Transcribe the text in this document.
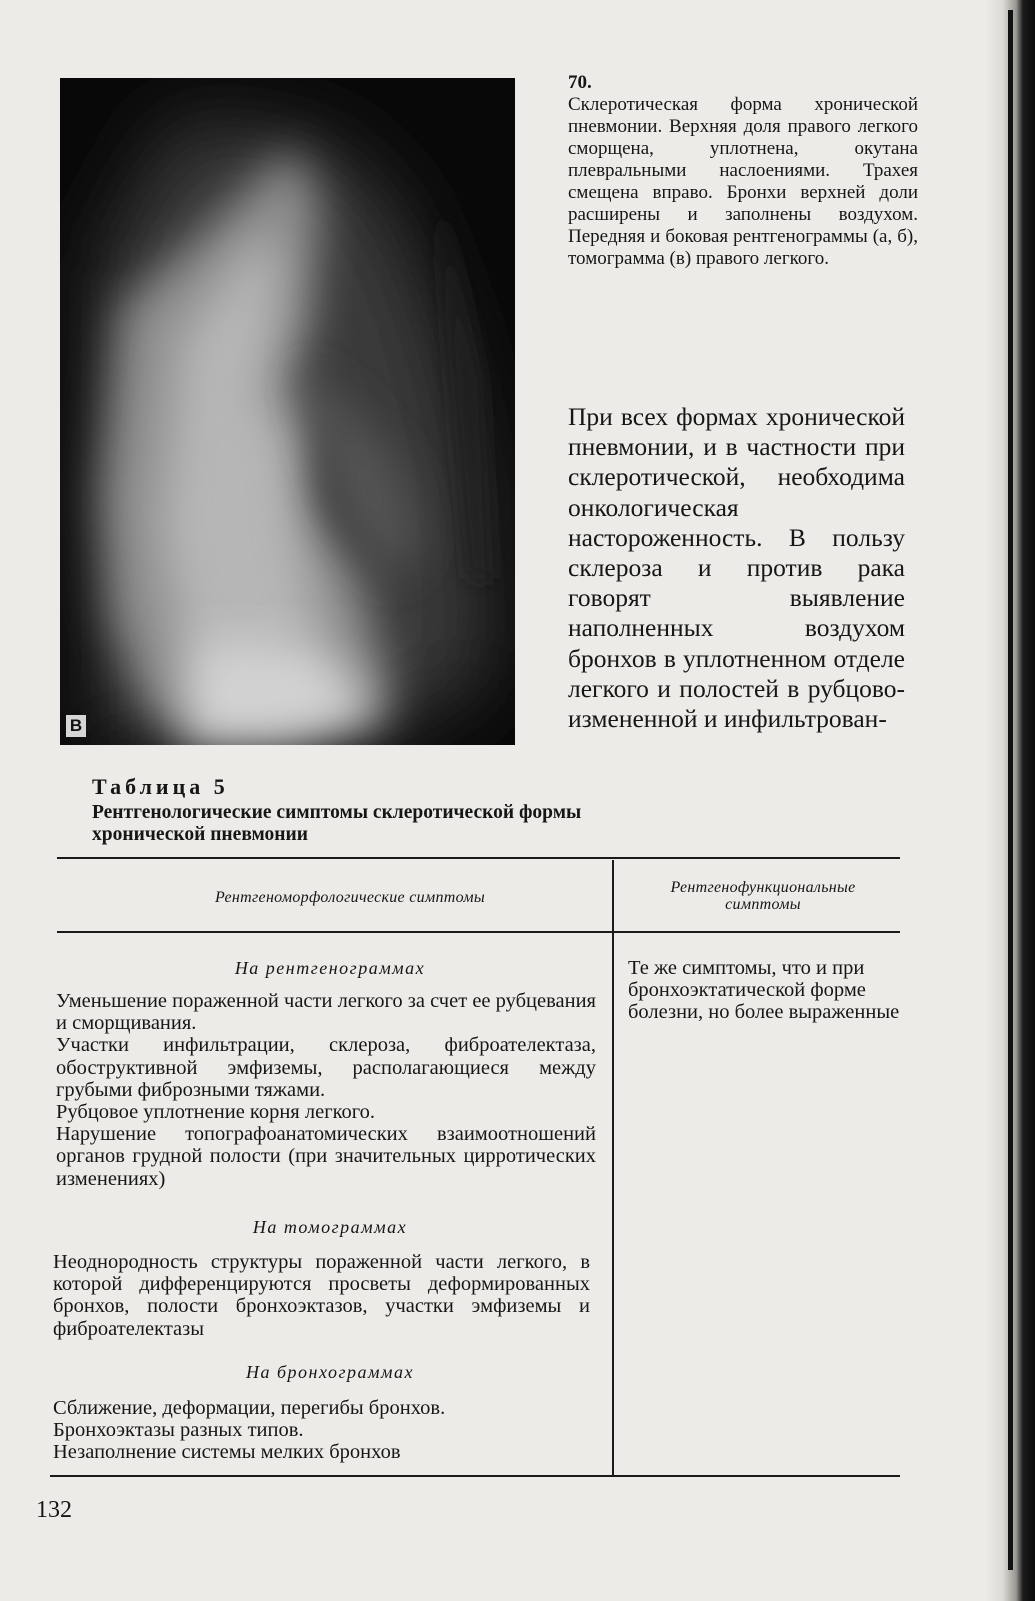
В
70.
Склеротическая форма хронической пневмонии. Верхняя доля правого легкого сморщена, уплотнена, окутана плевральными наслоениями. Трахея смещена вправо. Бронхи верхней доли расширены и заполнены воздухом. Передняя и боковая рентгенограммы (а, б), томограмма (в) правого легкого.
При всех формах хронической пневмонии, и в частности при склеротической, необходима онкологическая настороженность. В пользу склероза и против рака говорят выявление наполненных воздухом бронхов в уплотненном отделе легкого и полостей в рубцово-измененной и инфильтрован-
Таблица 5
Рентгенологические симптомы склеротической формы
хронической пневмонии
Рентгеноморфологические симптомы
Рентгенофункциональные
симптомы
На рентгенограммах
Уменьшение пораженной части легкого за счет ее рубцевания и сморщивания.
Участки инфильтрации, склероза, фиброателектаза, обоструктивной эмфиземы, располагающиеся между грубыми фиброзными тяжами.
Рубцовое уплотнение корня легкого.
Нарушение топографоанатомических взаимоотношений органов грудной полости (при значительных цирротических изменениях)
На томограммах
Неоднородность структуры пораженной части легкого, в которой дифференцируются просветы деформированных бронхов, полости бронхоэктазов, участки эмфиземы и фиброателектазы
На бронхограммах
Сближение, деформации, перегибы бронхов.
Бронхоэктазы разных типов.
Незаполнение системы мелких бронхов
Те же симптомы, что и при бронхоэктатической форме болезни, но более выраженные
132
